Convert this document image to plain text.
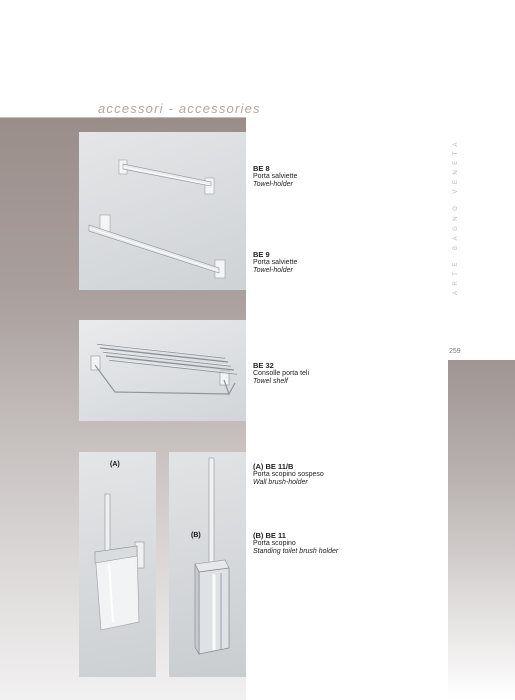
accessori - accessories
(A)
(B)
BE 8
Porta salviette
Towel-holder
BE 9
Porta salviette
Towel-holder
BE 32
Consolle porta teli
Towel shelf
(A) BE 11/B
Porta scopino sospeso
Wall brush-holder
(B) BE 11
Porta scopino
Standing toilet brush holder
ARTE BAGNO VENETA
259
